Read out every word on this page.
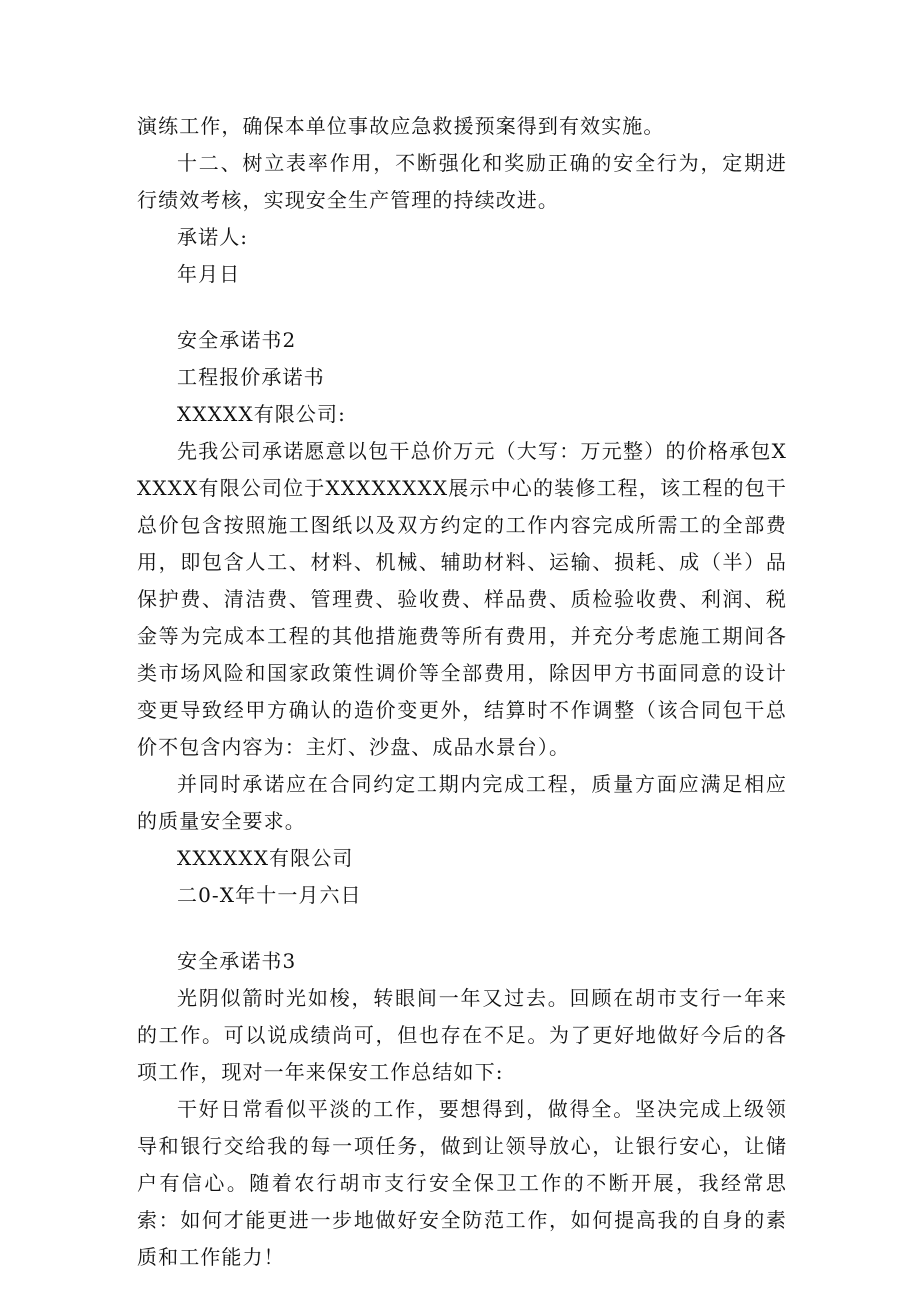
演练工作，确保本单位事故应急救援预案得到有效实施。

十二、树立表率作用，不断强化和奖励正确的安全行为，定期进行绩效考核，实现安全生产管理的持续改进。

承诺人:

年月日

安全承诺书2

工程报价承诺书

XXXXX有限公司:

先我公司承诺愿意以包干总价万元（大写：万元整）的价格承包XXXXX有限公司位于XXXXXXXX展示中心的装修工程，该工程的包干总价包含按照施工图纸以及双方约定的工作内容完成所需工的全部费用，即包含人工、材料、机械、辅助材料、运输、损耗、成（半）品保护费、清洁费、管理费、验收费、样品费、质检验收费、利润、税金等为完成本工程的其他措施费等所有费用，并充分考虑施工期间各类市场风险和国家政策性调价等全部费用，除因甲方书面同意的设计变更导致经甲方确认的造价变更外，结算时不作调整（该合同包干总价不包含内容为：主灯、沙盘、成品水景台）。

并同时承诺应在合同约定工期内完成工程，质量方面应满足相应的质量安全要求。

XXXXXX有限公司

二0-X年十一月六日

安全承诺书3

光阴似箭时光如梭，转眼间一年又过去。回顾在胡市支行一年来的工作。可以说成绩尚可，但也存在不足。为了更好地做好今后的各项工作，现对一年来保安工作总结如下:

干好日常看似平淡的工作，要想得到，做得全。坚决完成上级领导和银行交给我的每一项任务，做到让领导放心，让银行安心，让储户有信心。随着农行胡市支行安全保卫工作的不断开展，我经常思索：如何才能更进一步地做好安全防范工作，如何提高我的自身的素质和工作能力！
